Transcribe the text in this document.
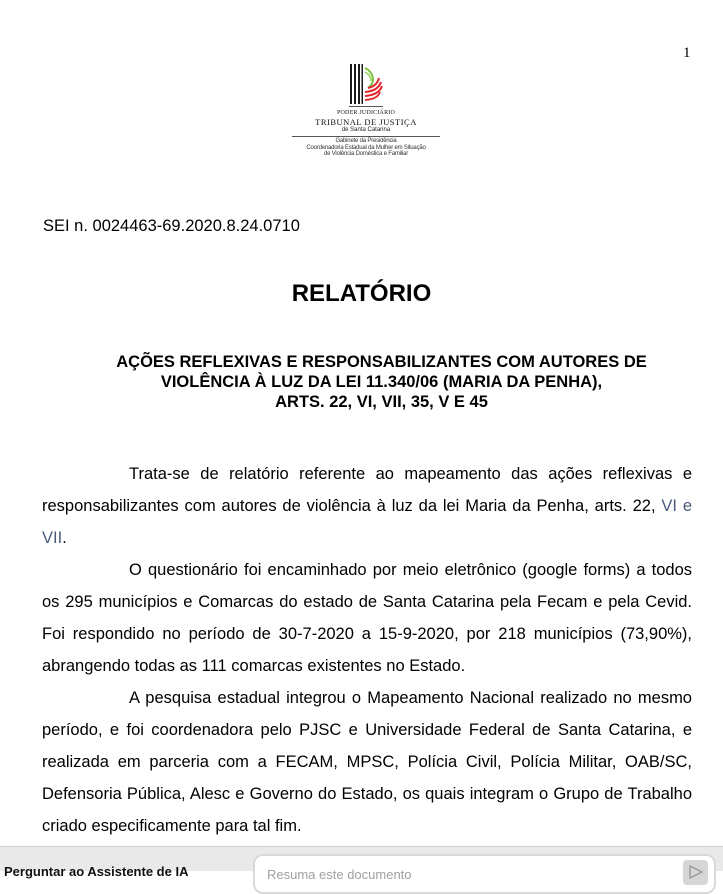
1
PODER JUDICIÁRIO
TRIBUNAL DE JUSTIÇA
de Santa Catarina
Gabinete da Presidência
Coordenadoria Estadual da Mulher em Situação
de Violência Doméstica e Familiar
SEI n. 0024463-69.2020.8.24.0710
RELATÓRIO
AÇÕES REFLEXIVAS E RESPONSABILIZANTES COM AUTORES DE
VIOLÊNCIA À LUZ DA LEI 11.340/06 (MARIA DA PENHA),
ARTS. 22, VI, VII, 35, V E 45

Trata-se de relatório referente ao mapeamento das ações reflexivas e responsabilizantes com autores de violência à luz da lei Maria da Penha, arts. 22, VI e VII.

O questionário foi encaminhado por meio eletrônico (google forms) a todos os 295 municípios e Comarcas do estado de Santa Catarina pela Fecam e pela Cevid. Foi respondido no período de 30-7-2020 a 15-9-2020, por 218 municípios (73,90%), abrangendo todas as 111 comarcas existentes no Estado.

A pesquisa estadual integrou o Mapeamento Nacional realizado no mesmo período, e foi coordenadora pelo PJSC e Universidade Federal de Santa Catarina, e realizada em parceria com a FECAM, MPSC, Polícia Civil, Polícia Militar, OAB/SC, Defensoria Pública, Alesc e Governo do Estado, os quais integram o Grupo de Trabalho criado especificamente para tal fim.

Perguntar ao Assistente de IA
Resuma este documento
